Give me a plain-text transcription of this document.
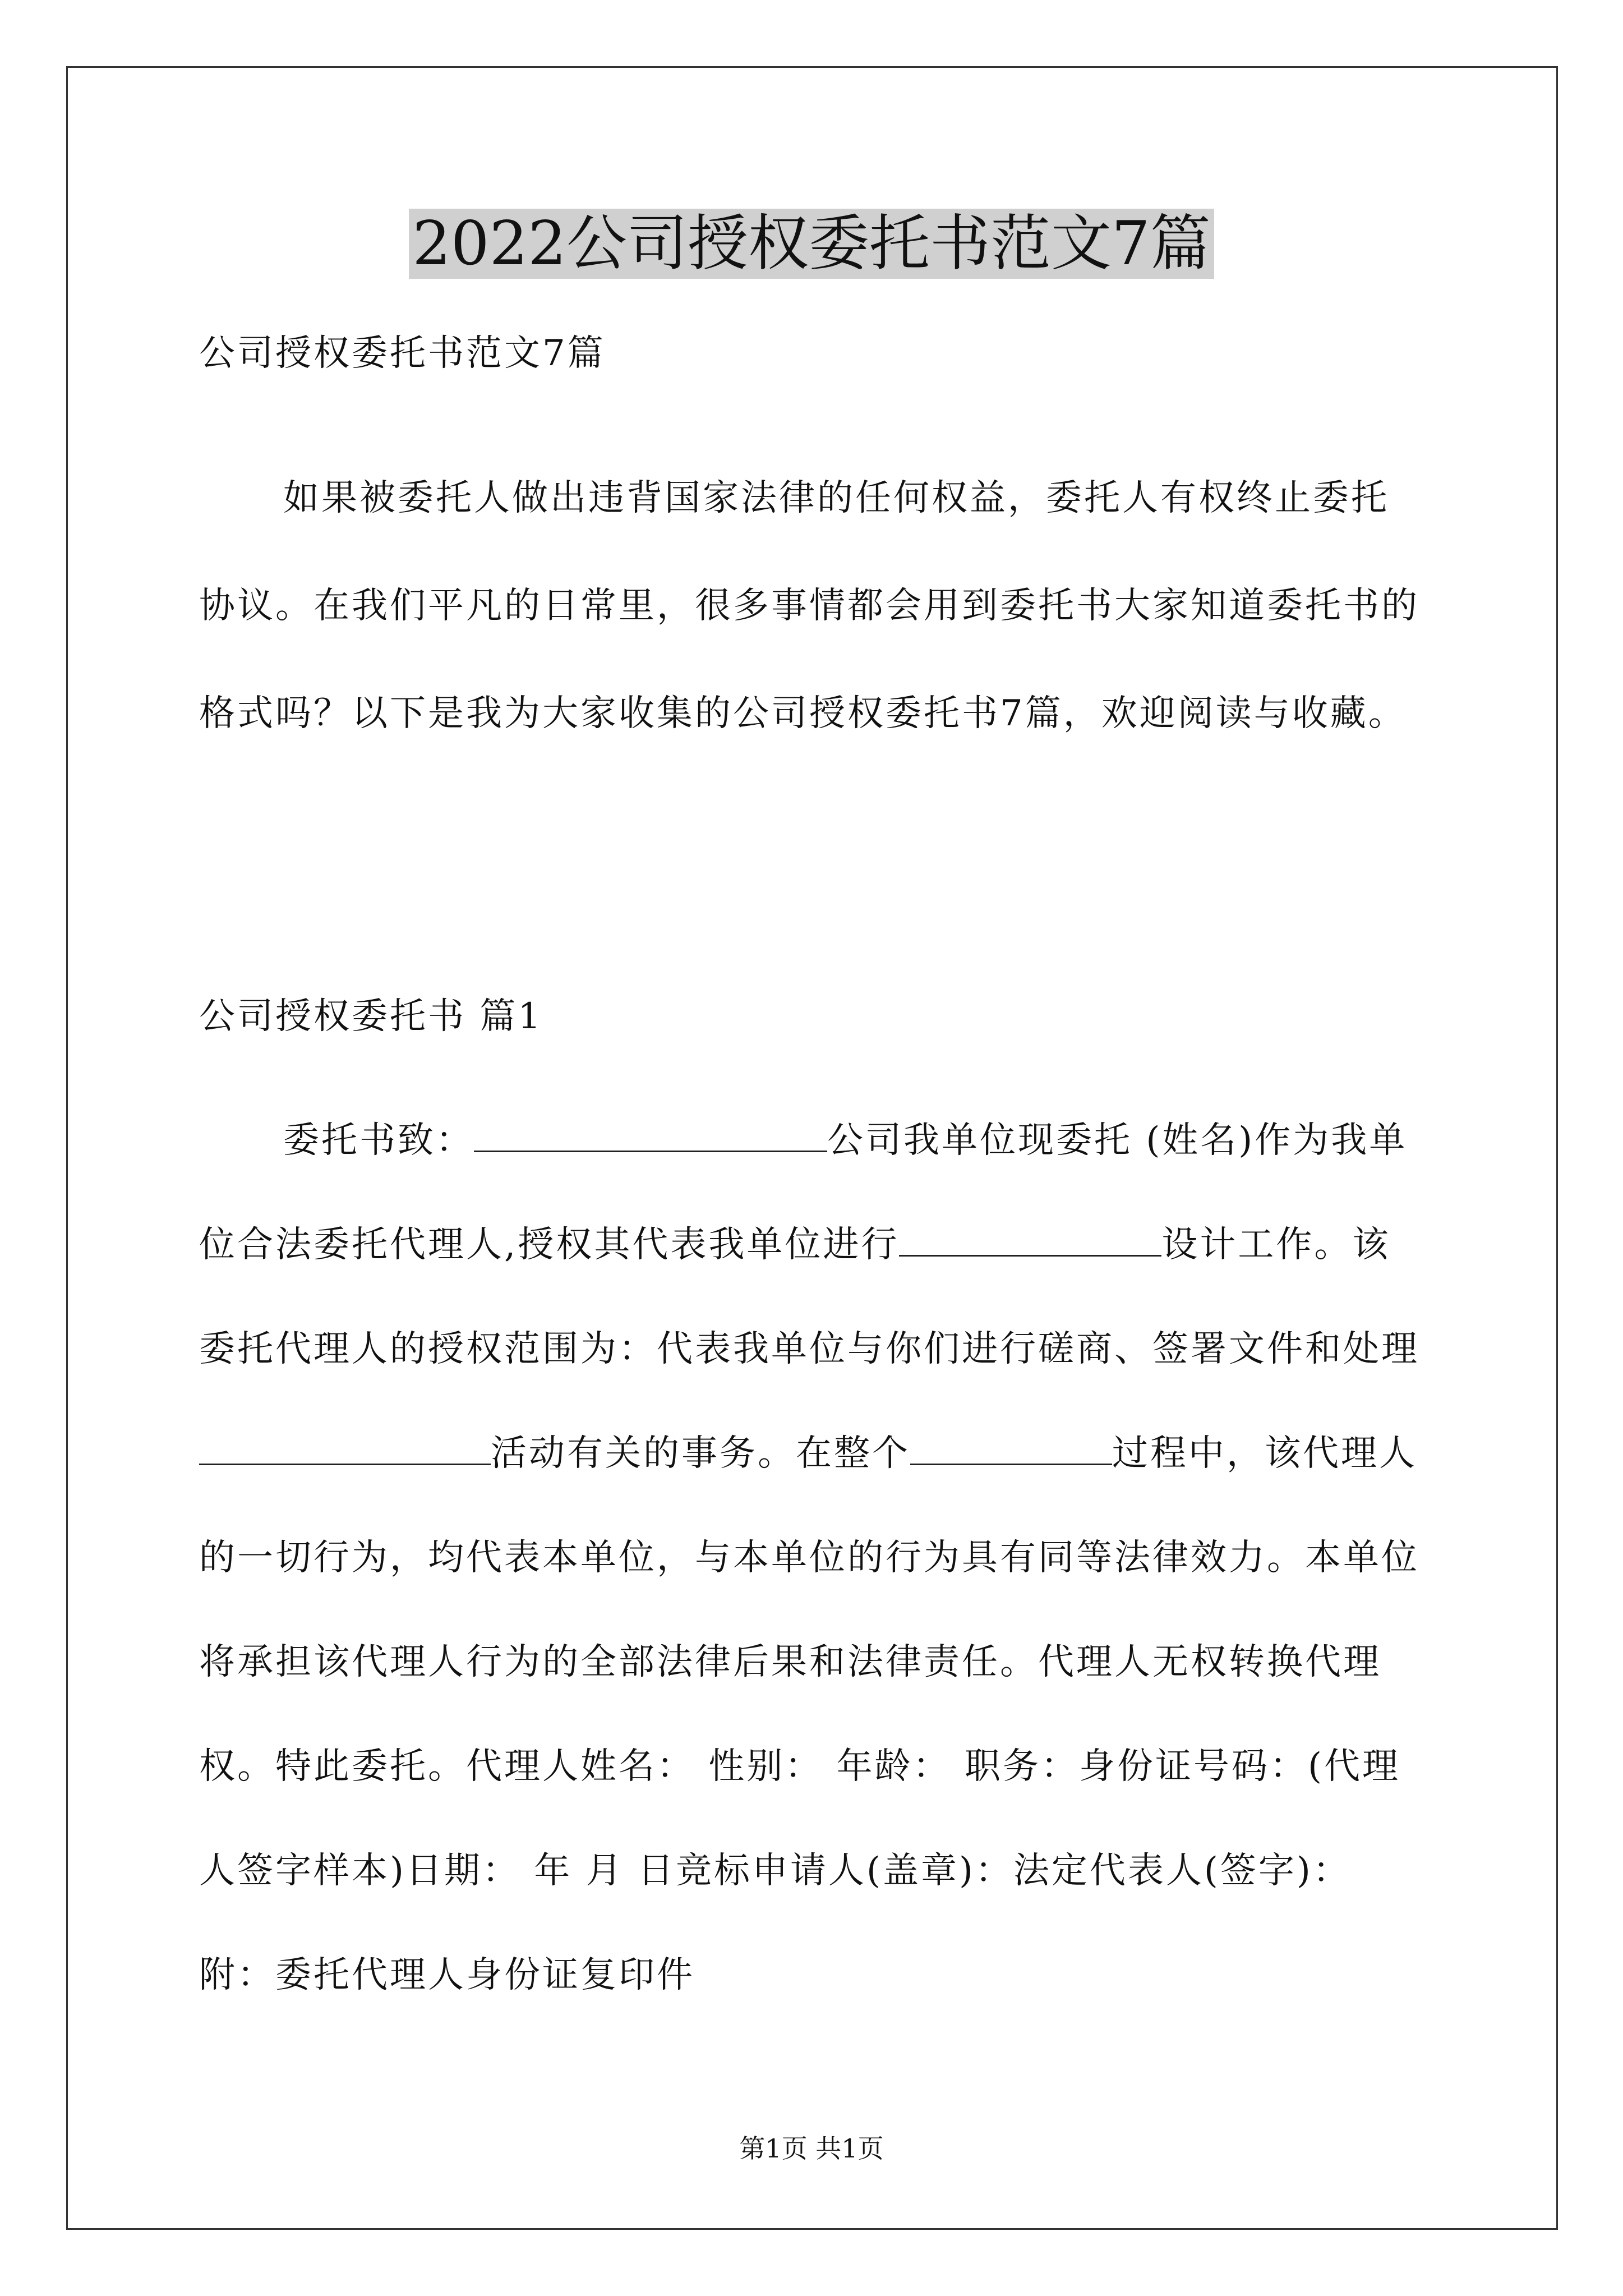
2022公司授权委托书范文7篇
公司授权委托书范文7篇

如果被委托人做出违背国家法律的任何权益，委托人有权终止委托协议。在我们平凡的日常里，很多事情都会用到委托书大家知道委托书的格式吗？以下是我为大家收集的公司授权委托书7篇，欢迎阅读与收藏。

公司授权委托书 篇1

委托书致：	公司我单位现委托 (姓名)作为我单位合法委托代理人,授权其代表我单位进行	设计工作。该委托代理人的授权范围为：代表我单位与你们进行磋商、签署文件和处理活动有关的事务。在整个	过程中，该代理人的一切行为，均代表本单位，与本单位的行为具有同等法律效力。本单位将承担该代理人行为的全部法律后果和法律责任。代理人无权转换代理权。特此委托。代理人姓名： 性别： 年龄： 职务：身份证号码：(代理人签字样本)日期： 年 月 日竞标申请人(盖章)：法定代表人(签字)：附：委托代理人身份证复印件

第1页 共1页
